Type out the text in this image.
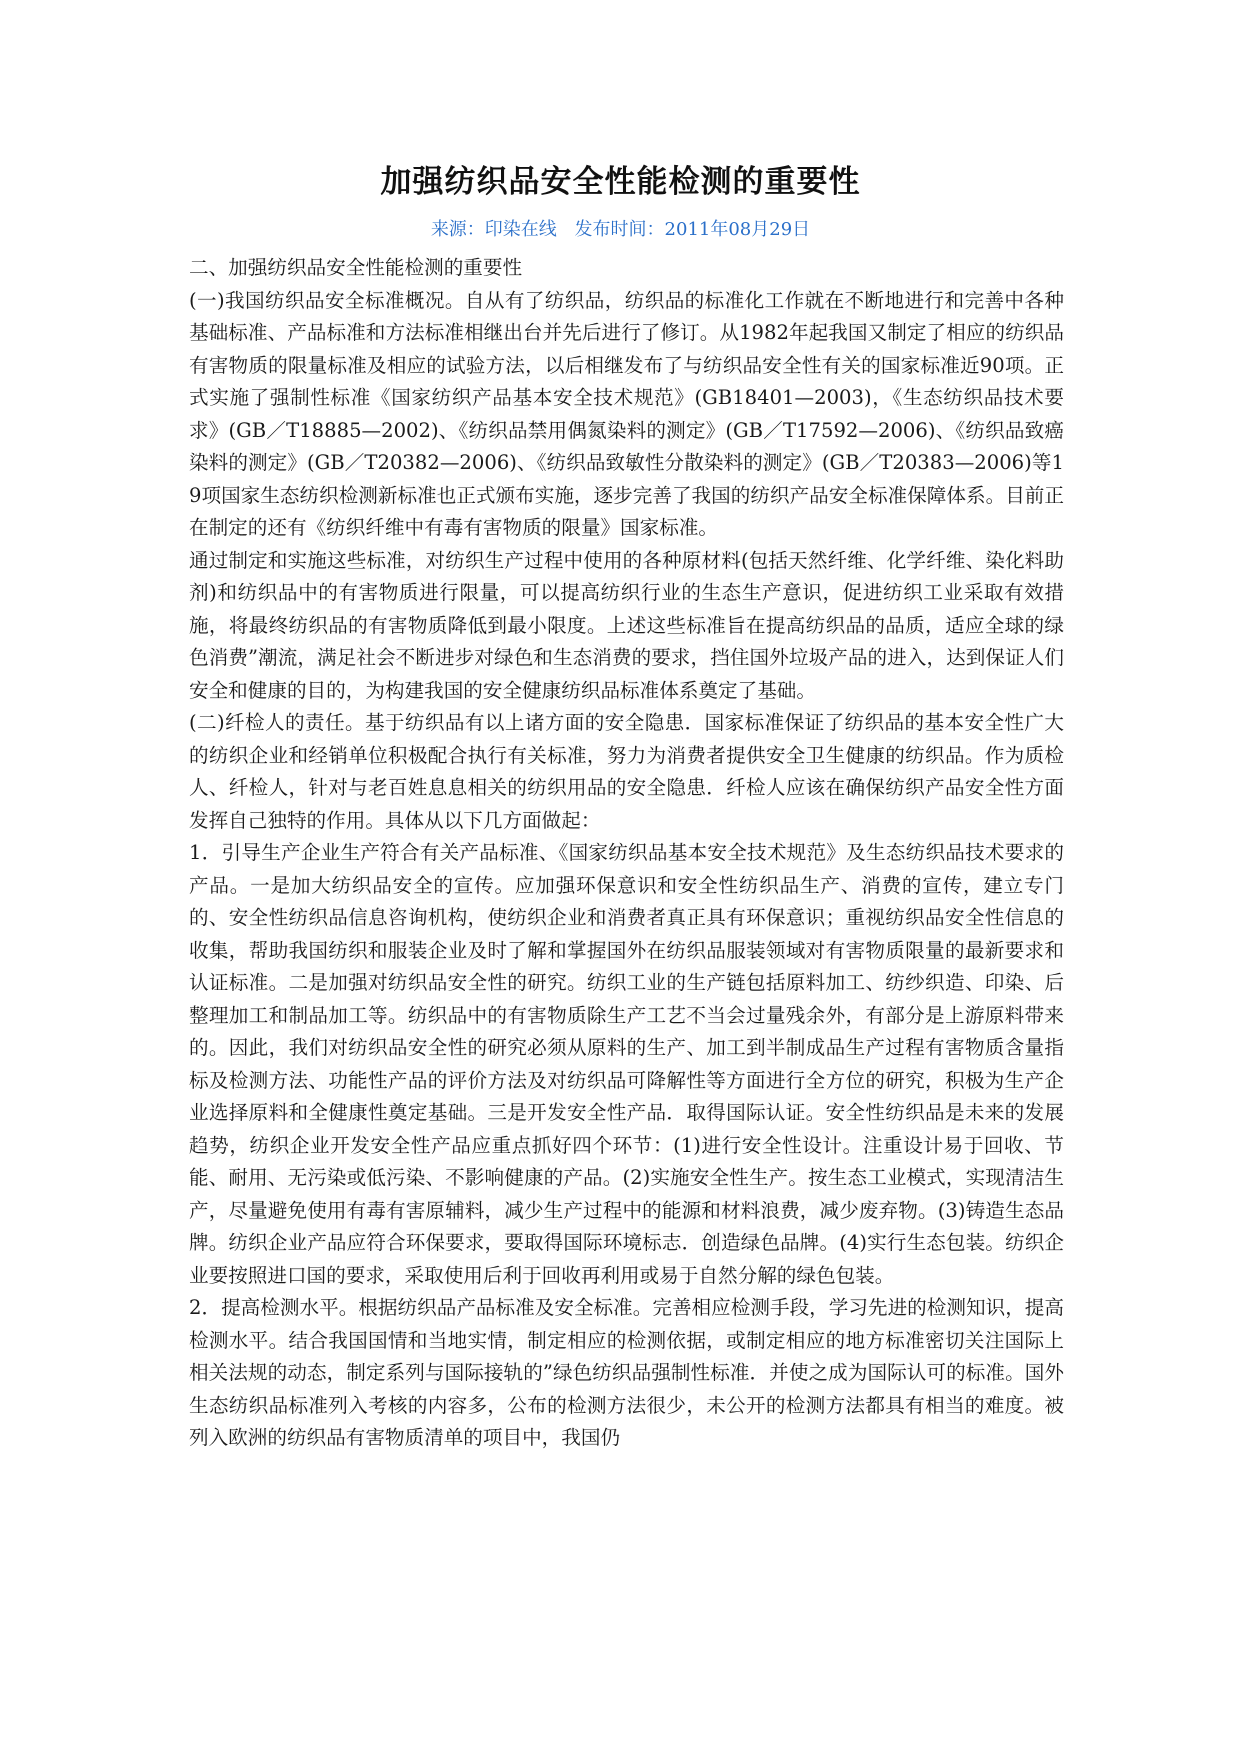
加强纺织品安全性能检测的重要性
来源：印染在线 发布时间：2011年08月29日

二、加强纺织品安全性能检测的重要性

(一)我国纺织品安全标准概况。自从有了纺织品，纺织品的标准化工作就在不断地进行和完善中各种基础标准、产品标准和方法标准相继出台并先后进行了修订。从1982年起我国又制定了相应的纺织品有害物质的限量标准及相应的试验方法，以后相继发布了与纺织品安全性有关的国家标准近90项。正式实施了强制性标准《国家纺织产品基本安全技术规范》(GB18401—2003)，《生态纺织品技术要求》(GB／T18885—2002)、《纺织品禁用偶氮染料的测定》(GB／T17592—2006)、《纺织品致癌染料的测定》(GB／T20382—2006)、《纺织品致敏性分散染料的测定》(GB／T20383—2006)等19项国家生态纺织检测新标准也正式颁布实施，逐步完善了我国的纺织产品安全标准保障体系。目前正在制定的还有《纺织纤维中有毒有害物质的限量》国家标准。

通过制定和实施这些标准，对纺织生产过程中使用的各种原材料(包括天然纤维、化学纤维、染化料助剂)和纺织品中的有害物质进行限量，可以提高纺织行业的生态生产意识，促进纺织工业采取有效措施，将最终纺织品的有害物质降低到最小限度。上述这些标准旨在提高纺织品的品质，适应全球的绿色消费”潮流，满足社会不断进步对绿色和生态消费的要求，挡住国外垃圾产品的进入，达到保证人们安全和健康的目的，为构建我国的安全健康纺织品标准体系奠定了基础。

(二)纤检人的责任。基于纺织品有以上诸方面的安全隐患．国家标准保证了纺织品的基本安全性广大的纺织企业和经销单位积极配合执行有关标准，努力为消费者提供安全卫生健康的纺织品。作为质检人、纤检人，针对与老百姓息息相关的纺织用品的安全隐患．纤检人应该在确保纺织产品安全性方面发挥自己独特的作用。具体从以下几方面做起：

1．引导生产企业生产符合有关产品标准、《国家纺织品基本安全技术规范》及生态纺织品技术要求的产品。一是加大纺织品安全的宣传。应加强环保意识和安全性纺织品生产、消费的宣传，建立专门的、安全性纺织品信息咨询机构，使纺织企业和消费者真正具有环保意识；重视纺织品安全性信息的收集，帮助我国纺织和服装企业及时了解和掌握国外在纺织品服装领域对有害物质限量的最新要求和认证标准。二是加强对纺织品安全性的研究。纺织工业的生产链包括原料加工、纺纱织造、印染、后整理加工和制品加工等。纺织品中的有害物质除生产工艺不当会过量残余外，有部分是上游原料带来的。因此，我们对纺织品安全性的研究必须从原料的生产、加工到半制成品生产过程有害物质含量指标及检测方法、功能性产品的评价方法及对纺织品可降解性等方面进行全方位的研究，积极为生产企业选择原料和全健康性奠定基础。三是开发安全性产品．取得国际认证。安全性纺织品是未来的发展趋势，纺织企业开发安全性产品应重点抓好四个环节：(1)进行安全性设计。注重设计易于回收、节能、耐用、无污染或低污染、不影响健康的产品。(2)实施安全性生产。按生态工业模式，实现清洁生产，尽量避免使用有毒有害原辅料，减少生产过程中的能源和材料浪费，减少废弃物。(3)铸造生态品牌。纺织企业产品应符合环保要求，要取得国际环境标志．创造绿色品牌。(4)实行生态包装。纺织企业要按照进口国的要求，采取使用后利于回收再利用或易于自然分解的绿色包装。

2．提高检测水平。根据纺织品产品标准及安全标准。完善相应检测手段，学习先进的检测知识，提高检测水平。结合我国国情和当地实情，制定相应的检测依据，或制定相应的地方标准密切关注国际上相关法规的动态，制定系列与国际接轨的”绿色纺织品强制性标准．并使之成为国际认可的标准。国外生态纺织品标准列入考核的内容多，公布的检测方法很少，未公开的检测方法都具有相当的难度。被列入欧洲的纺织品有害物质清单的项目中，我国仍
